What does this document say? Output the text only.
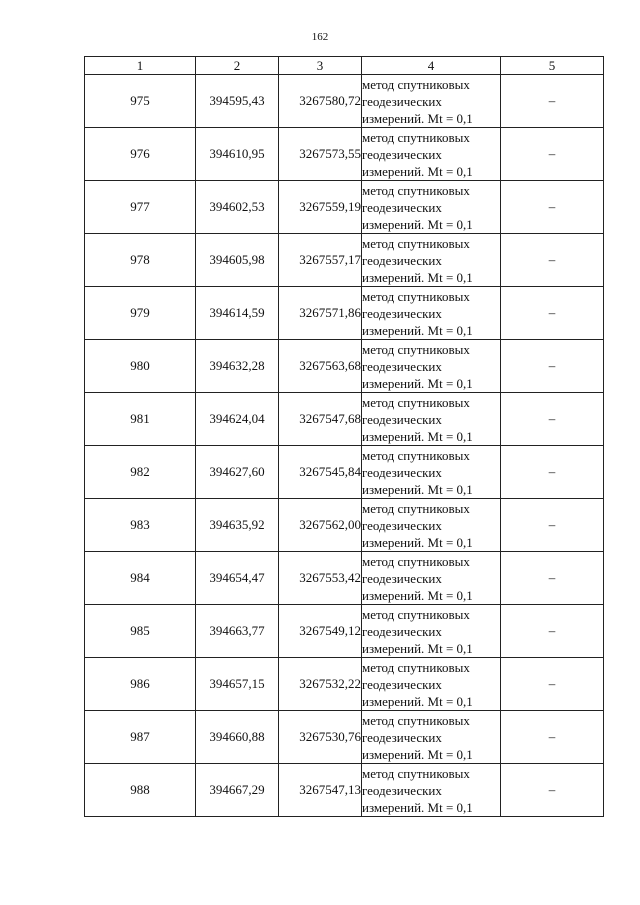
162
1	2	3	4	5
975	394595,43	3267580,72	метод спутниковых
геодезических
измерений. Mt = 0,1	–
976	394610,95	3267573,55	метод спутниковых
геодезических
измерений. Mt = 0,1	–
977	394602,53	3267559,19	метод спутниковых
геодезических
измерений. Mt = 0,1	–
978	394605,98	3267557,17	метод спутниковых
геодезических
измерений. Mt = 0,1	–
979	394614,59	3267571,86	метод спутниковых
геодезических
измерений. Mt = 0,1	–
980	394632,28	3267563,68	метод спутниковых
геодезических
измерений. Mt = 0,1	–
981	394624,04	3267547,68	метод спутниковых
геодезических
измерений. Mt = 0,1	–
982	394627,60	3267545,84	метод спутниковых
геодезических
измерений. Mt = 0,1	–
983	394635,92	3267562,00	метод спутниковых
геодезических
измерений. Mt = 0,1	–
984	394654,47	3267553,42	метод спутниковых
геодезических
измерений. Mt = 0,1	–
985	394663,77	3267549,12	метод спутниковых
геодезических
измерений. Mt = 0,1	–
986	394657,15	3267532,22	метод спутниковых
геодезических
измерений. Mt = 0,1	–
987	394660,88	3267530,76	метод спутниковых
геодезических
измерений. Mt = 0,1	–
988	394667,29	3267547,13	метод спутниковых
геодезических
измерений. Mt = 0,1	–
